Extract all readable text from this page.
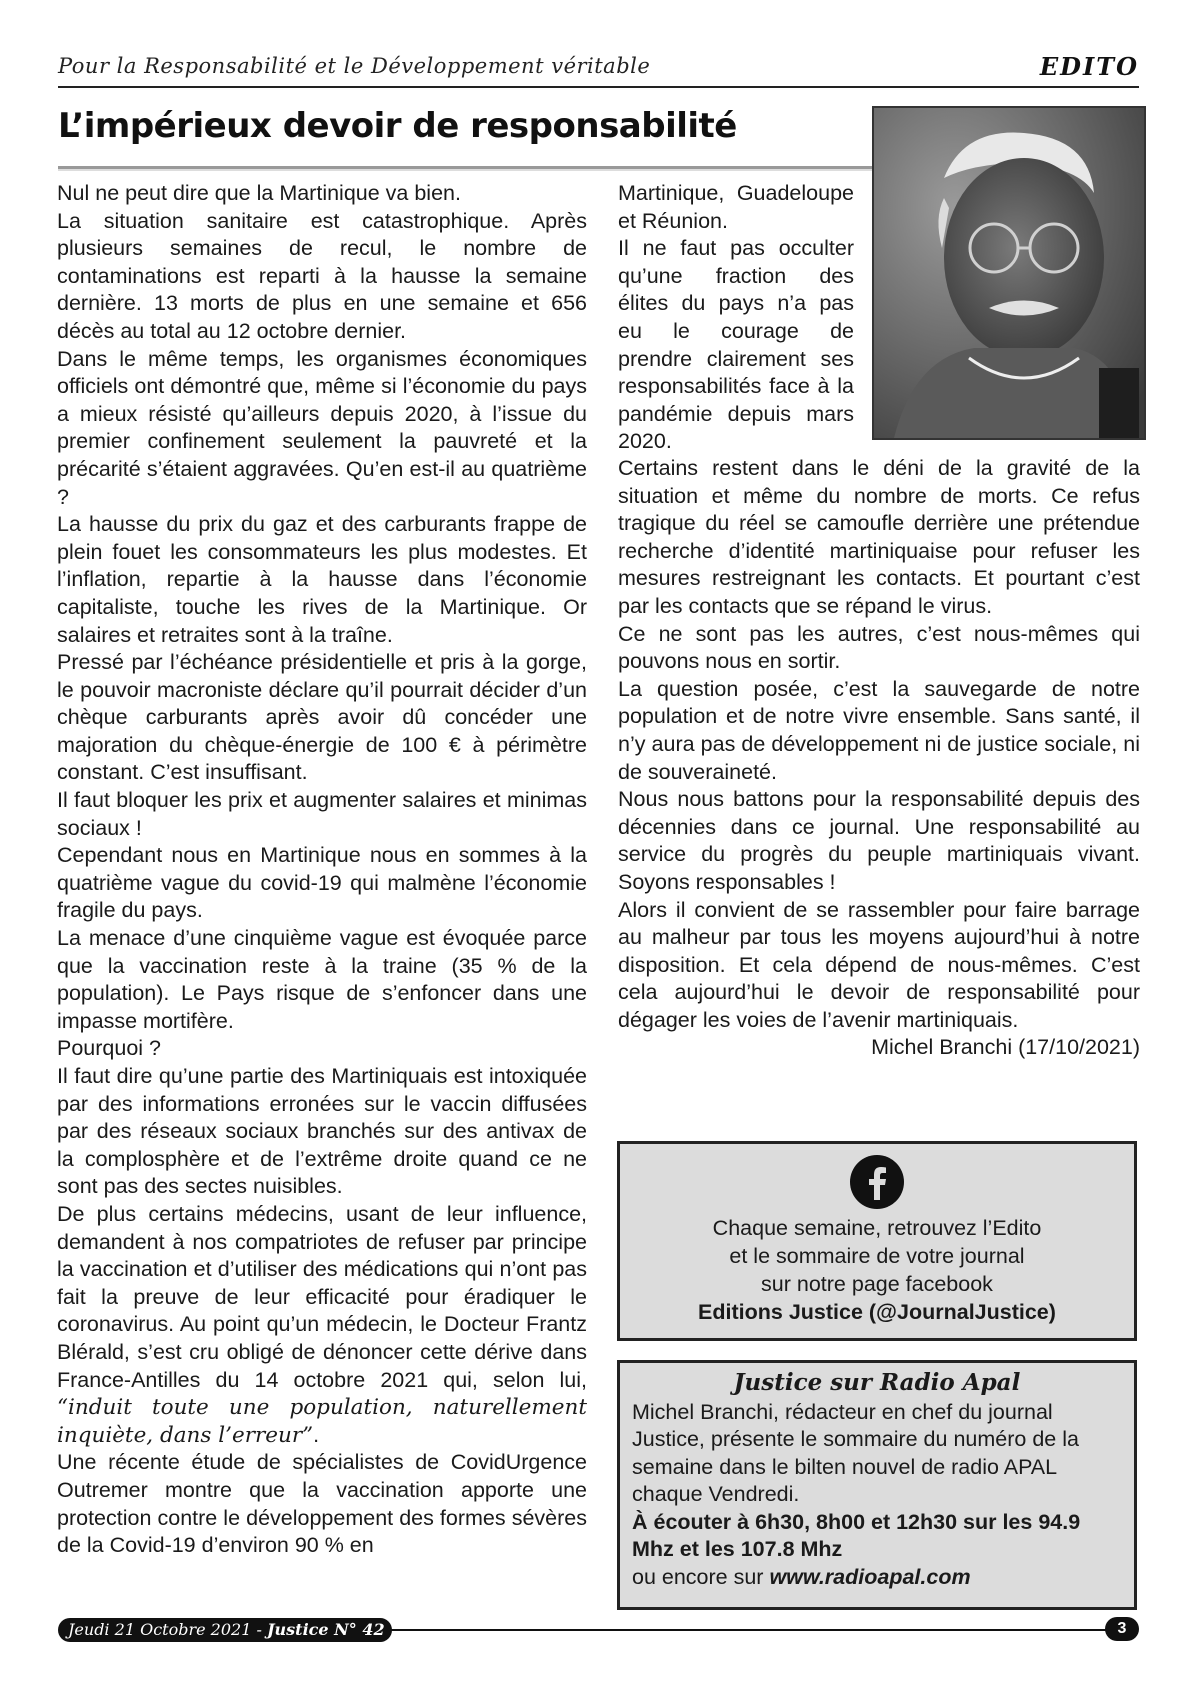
Pour la Responsabilité et le Développement véritable	EDITO
L’impérieux devoir de responsabilité

Nul ne peut dire que la Martinique va bien.

La situation sanitaire est catastrophique. Après plusieurs semaines de recul, le nombre de contaminations est reparti à la hausse la semaine dernière. 13 morts de plus en une semaine et 656 décès au total au 12 octobre dernier.

Dans le même temps, les organismes économiques officiels ont démontré que, même si l’économie du pays a mieux résisté qu’ailleurs depuis 2020, à l’issue du premier confinement seulement la pauvreté et la précarité s’étaient aggravées. Qu’en est-il au quatrième ?

La hausse du prix du gaz et des carburants frappe de plein fouet les consommateurs les plus modestes. Et l’inflation, repartie à la hausse dans l’économie capitaliste, touche les rives de la Martinique. Or salaires et retraites sont à la traîne.

Pressé par l’échéance présidentielle et pris à la gorge, le pouvoir macroniste déclare qu’il pourrait décider d’un chèque carburants après avoir dû concéder une majoration du chèque-énergie de 100 € à périmètre constant. C’est insuffisant.

Il faut bloquer les prix et augmenter salaires et minimas sociaux !

Cependant nous en Martinique nous en sommes à la quatrième vague du covid-19 qui malmène l’économie fragile du pays.

La menace d’une cinquième vague est évoquée parce que la vaccination reste à la traine (35 % de la population). Le Pays risque de s’enfoncer dans une impasse mortifère.

Pourquoi ?

Il faut dire qu’une partie des Martiniquais est intoxiquée par des informations erronées sur le vaccin diffusées par des réseaux sociaux branchés sur des antivax de la complosphère et de l’extrême droite quand ce ne sont pas des sectes nuisibles.

De plus certains médecins, usant de leur influence, demandent à nos compatriotes de refuser par principe la vaccination et d’utiliser des médications qui n’ont pas fait la preuve de leur efficacité pour éradiquer le coronavirus. Au point qu’un médecin, le Docteur Frantz Blérald, s’est cru obligé de dénoncer cette dérive dans France-Antilles du 14 octobre 2021 qui, selon lui, “induit toute une population, naturellement inquiète, dans l’erreur”.

Une récente étude de spécialistes de CovidUrgence Outremer montre que la vaccination apporte une protection contre le développement des formes sévères de la Covid-19 d’environ 90 % en

Martinique, Guadeloupe et Réunion.

Il ne faut pas occulter qu’une fraction des élites du pays n’a pas eu le courage de prendre clairement ses responsabilités face à la pandémie depuis mars 2020.

Certains restent dans le déni de la gravité de la situation et même du nombre de morts. Ce refus tragique du réel se camoufle derrière une prétendue recherche d’identité martiniquaise pour refuser les mesures restreignant les contacts. Et pourtant c’est par les contacts que se répand le virus.

Ce ne sont pas les autres, c’est nous-mêmes qui pouvons nous en sortir.

La question posée, c’est la sauvegarde de notre population et de notre vivre ensemble. Sans santé, il n’y aura pas de développement ni de justice sociale, ni de souveraineté.

Nous nous battons pour la responsabilité depuis des décennies dans ce journal. Une responsabilité au service du progrès du peuple martiniquais vivant. Soyons responsables !

Alors il convient de se rassembler pour faire barrage au malheur par tous les moyens aujourd’hui à notre disposition. Et cela dépend de nous-mêmes. C’est cela aujourd’hui le devoir de responsabilité pour dégager les voies de l’avenir martiniquais.

Michel Branchi (17/10/2021)

Chaque semaine, retrouvez l’Edito
et le sommaire de votre journal
sur notre page facebook
Editions Justice (@JournalJustice)
Justice sur Radio Apal

Michel Branchi, rédacteur en chef du journal Justice, présente le sommaire du numéro de la semaine dans le bilten nouvel de radio APAL chaque Vendredi.

À écouter à 6h30, 8h00 et 12h30 sur les 94.9 Mhz et les 107.8 Mhz

ou encore sur www.radioapal.com

Jeudi 21 Octobre 2021 - Justice N° 42	3
